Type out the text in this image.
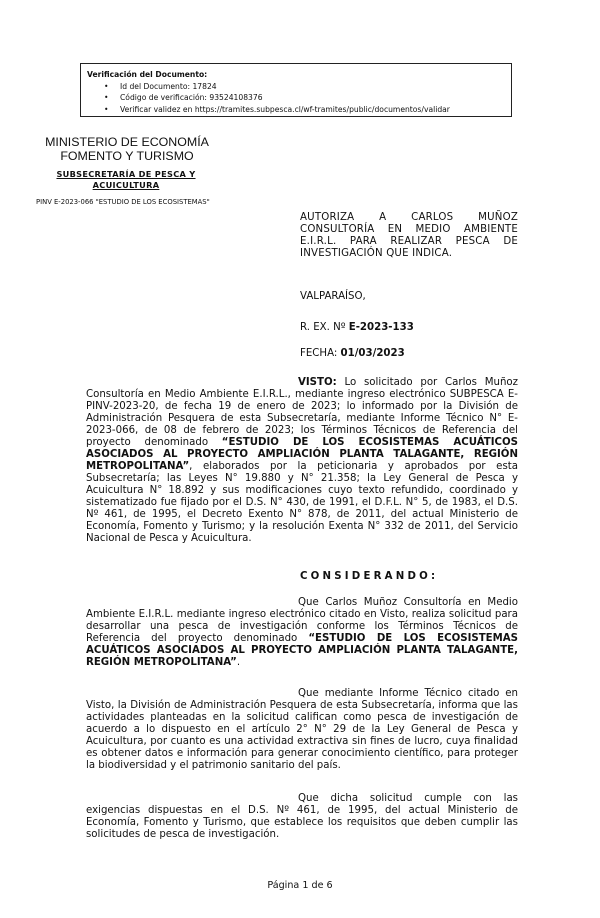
Verificación del Documento:
• Id del Documento: 17824
• Código de verificación: 93524108376
• Verificar validez en https://tramites.subpesca.cl/wf-tramites/public/documentos/validar
MINISTERIO DE ECONOMÍA
FOMENTO Y TURISMO
SUBSECRETARÍA DE PESCA Y ACUICULTURA
PINV E-2023-066 "ESTUDIO DE LOS ECOSISTEMAS"
AUTORIZA A CARLOS MUÑOZ CONSULTORÍA EN MEDIO AMBIENTE E.I.R.L. PARA REALIZAR PESCA DE INVESTIGACIÓN QUE INDICA.
VALPARAÍSO,
R. EX. Nº E-2023-133
FECHA: 01/03/2023
VISTO: Lo solicitado por Carlos Muñoz Consultoría en Medio Ambiente E.I.R.L., mediante ingreso electrónico SUBPESCA E-PINV-2023-20, de fecha 19 de enero de 2023; lo informado por la División de Administración Pesquera de esta Subsecretaría, mediante Informe Técnico N° E-2023-066, de 08 de febrero de 2023; los Términos Técnicos de Referencia del proyecto denominado “ESTUDIO DE LOS ECOSISTEMAS ACUÁTICOS ASOCIADOS AL PROYECTO AMPLIACIÓN PLANTA TALAGANTE, REGIÓN METROPOLITANA”, elaborados por la peticionaria y aprobados por esta Subsecretaría; las Leyes N° 19.880 y N° 21.358; la Ley General de Pesca y Acuicultura N° 18.892 y sus modificaciones cuyo texto refundido, coordinado y sistematizado fue fijado por el D.S. N° 430, de 1991, el D.F.L. N° 5, de 1983, el D.S. Nº 461, de 1995, el Decreto Exento N° 878, de 2011, del actual Ministerio de Economía, Fomento y Turismo; y la resolución Exenta N° 332 de 2011, del Servicio Nacional de Pesca y Acuicultura.
CONSIDERANDO:
Que Carlos Muñoz Consultoría en Medio Ambiente E.I.R.L. mediante ingreso electrónico citado en Visto, realiza solicitud para desarrollar una pesca de investigación conforme los Términos Técnicos de Referencia del proyecto denominado “ESTUDIO DE LOS ECOSISTEMAS ACUÁTICOS ASOCIADOS AL PROYECTO AMPLIACIÓN PLANTA TALAGANTE, REGIÓN METROPOLITANA”.
Que mediante Informe Técnico citado en Visto, la División de Administración Pesquera de esta Subsecretaría, informa que las actividades planteadas en la solicitud califican como pesca de investigación de acuerdo a lo dispuesto en el artículo 2° N° 29 de la Ley General de Pesca y Acuicultura, por cuanto es una actividad extractiva sin fines de lucro, cuya finalidad es obtener datos e información para generar conocimiento científico, para proteger la biodiversidad y el patrimonio sanitario del país.
Que dicha solicitud cumple con las exigencias dispuestas en el D.S. Nº 461, de 1995, del actual Ministerio de Economía, Fomento y Turismo, que establece los requisitos que deben cumplir las solicitudes de pesca de investigación.
Página 1 de 6
